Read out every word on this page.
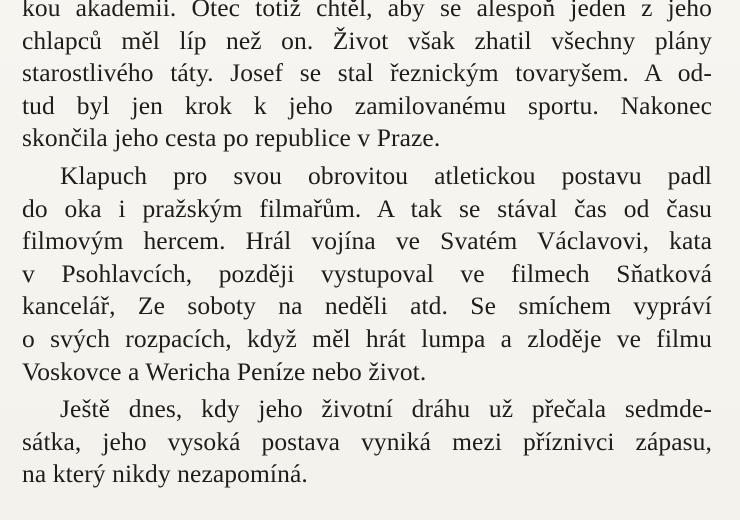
kou akademii. Otec totiž chtěl, aby se alespoň jeden z jeho
chlapců měl líp než on. Život však zhatil všechny plány
starostlivého táty. Josef se stal řeznickým tovaryšem. A od-
tud byl jen krok k jeho zamilovanému sportu. Nakonec
skončila jeho cesta po republice v Praze.
Klapuch pro svou obrovitou atletickou postavu padl
do oka i pražským filmařům. A tak se stával čas od času
filmovým hercem. Hrál vojína ve Svatém Václavovi, kata
v Psohlavcích, později vystupoval ve filmech Sňatková
kancelář, Ze soboty na neděli atd. Se smíchem vypráví
o svých rozpacích, když měl hrát lumpa a zloděje ve filmu
Voskovce a Wericha Peníze nebo život.
Ještě dnes, kdy jeho životní dráhu už přečala sedmde-
sátka, jeho vysoká postava vyniká mezi příznivci zápasu,
na který nikdy nezapomíná.
